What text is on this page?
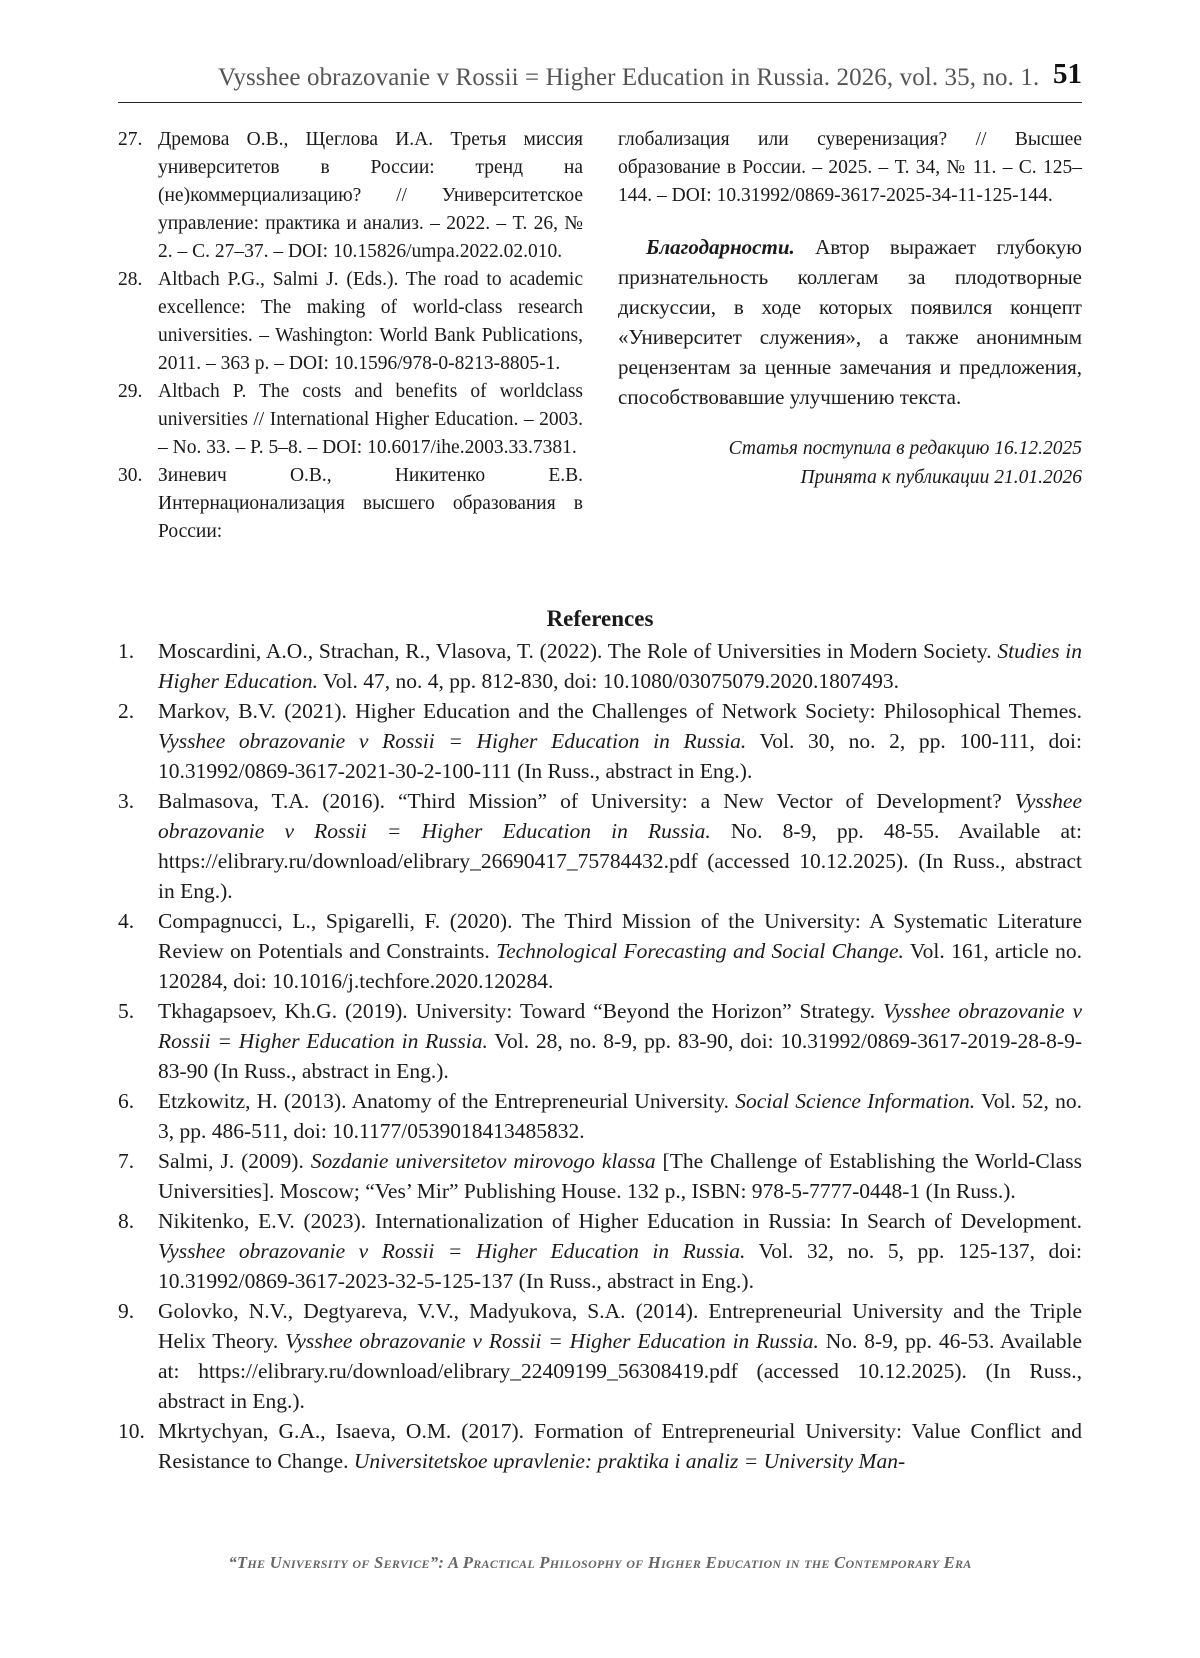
Vysshee obrazovanie v Rossii = Higher Education in Russia. 2026, vol. 35, no. 1. 51
27. Дремова О.В., Щеглова И.А. Третья миссия университетов в России: тренд на (не)коммерциализацию? // Университетское управление: практика и анализ. – 2022. – Т. 26, № 2. – С. 27–37. – DOI: 10.15826/umpa.2022.02.010.
28. Altbach P.G., Salmi J. (Eds.). The road to academic excellence: The making of world-class research universities. – Washington: World Bank Publications, 2011. – 363 p. – DOI: 10.1596/978-0-8213-8805-1.
29. Altbach P. The costs and benefits of worldclass universities // International Higher Education. – 2003. – No. 33. – P. 5–8. – DOI: 10.6017/ihe.2003.33.7381.
30. Зиневич О.В., Никитенко Е.В. Интернационализация высшего образования в России:
глобализация или суверенизация? // Высшее образование в России. – 2025. – Т. 34, № 11. – С. 125–144. – DOI: 10.31992/0869-3617-2025-34-11-125-144.
Благодарности. Автор выражает глубокую признательность коллегам за плодотворные дискуссии, в ходе которых появился концепт «Университет служения», а также анонимным рецензентам за ценные замечания и предложения, способствовавшие улучшению текста.
Статья поступила в редакцию 16.12.2025
Принята к публикации 21.01.2026
References
1. Moscardini, A.O., Strachan, R., Vlasova, T. (2022). The Role of Universities in Modern Society. Studies in Higher Education. Vol. 47, no. 4, pp. 812-830, doi: 10.1080/03075079.2020.1807493.
2. Markov, B.V. (2021). Higher Education and the Challenges of Network Society: Philosophical Themes. Vysshee obrazovanie v Rossii = Higher Education in Russia. Vol. 30, no. 2, pp. 100-111, doi: 10.31992/0869-3617-2021-30-2-100-111 (In Russ., abstract in Eng.).
3. Balmasova, T.A. (2016). “Third Mission” of University: a New Vector of Development? Vysshee obrazovanie v Rossii = Higher Education in Russia. No. 8-9, pp. 48-55. Available at: https://elibrary.ru/download/elibrary_26690417_75784432.pdf (accessed 10.12.2025). (In Russ., abstract in Eng.).
4. Compagnucci, L., Spigarelli, F. (2020). The Third Mission of the University: A Systematic Literature Review on Potentials and Constraints. Technological Forecasting and Social Change. Vol. 161, article no. 120284, doi: 10.1016/j.techfore.2020.120284.
5. Tkhagapsoev, Kh.G. (2019). University: Toward “Beyond the Horizon” Strategy. Vysshee obrazovanie v Rossii = Higher Education in Russia. Vol. 28, no. 8-9, pp. 83-90, doi: 10.31992/0869-3617-2019-28-8-9-83-90 (In Russ., abstract in Eng.).
6. Etzkowitz, H. (2013). Anatomy of the Entrepreneurial University. Social Science Information. Vol. 52, no. 3, pp. 486-511, doi: 10.1177/0539018413485832.
7. Salmi, J. (2009). Sozdanie universitetov mirovogo klassa [The Challenge of Establishing the World-Class Universities]. Moscow; “Ves’ Mir” Publishing House. 132 p., ISBN: 978-5-7777-0448-1 (In Russ.).
8. Nikitenko, E.V. (2023). Internationalization of Higher Education in Russia: In Search of Development. Vysshee obrazovanie v Rossii = Higher Education in Russia. Vol. 32, no. 5, pp. 125-137, doi: 10.31992/0869-3617-2023-32-5-125-137 (In Russ., abstract in Eng.).
9. Golovko, N.V., Degtyareva, V.V., Madyukova, S.A. (2014). Entrepreneurial University and the Triple Helix Theory. Vysshee obrazovanie v Rossii = Higher Education in Russia. No. 8-9, pp. 46-53. Available at: https://elibrary.ru/download/elibrary_22409199_56308419.pdf (accessed 10.12.2025). (In Russ., abstract in Eng.).
10. Mkrtychyan, G.A., Isaeva, O.M. (2017). Formation of Entrepreneurial University: Value Conflict and Resistance to Change. Universitetskoe upravlenie: praktika i analiz = University Man-
“The University of Service”: A Practical Philosophy of Higher Education in the Contemporary Era
